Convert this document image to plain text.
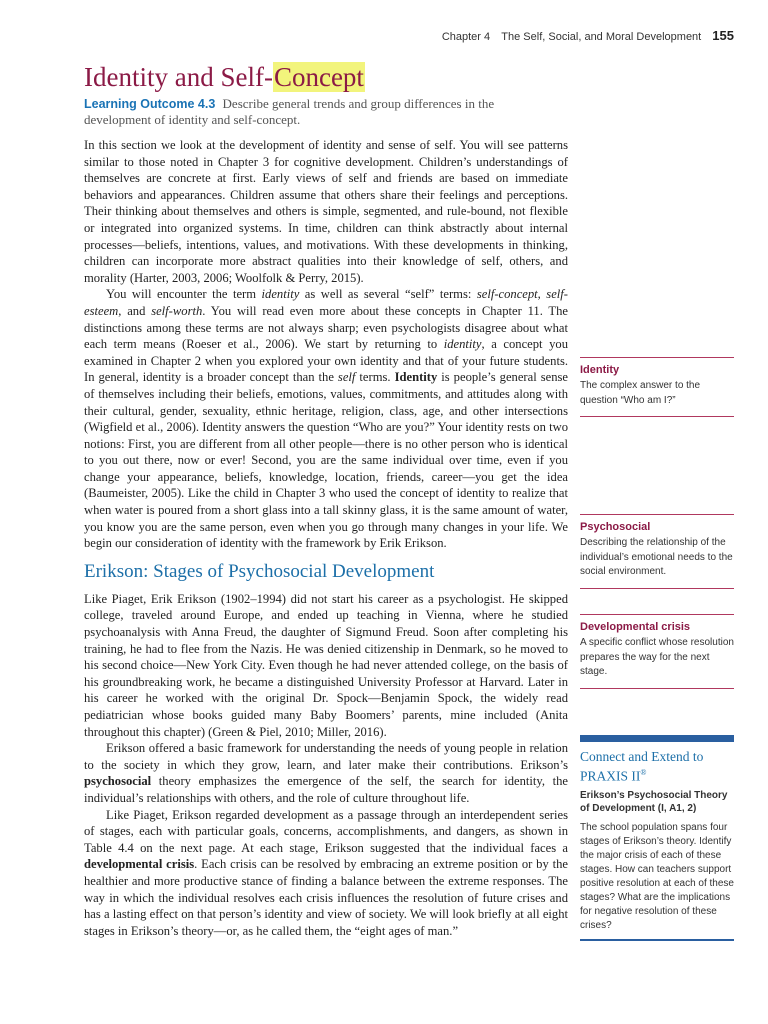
Chapter 4 The Self, Social, and Moral Development 155
Identity and Self-Concept
Learning Outcome 4.3 Describe general trends and group differences in the development of identity and self-concept.

In this section we look at the development of identity and sense of self. You will see patterns similar to those noted in Chapter 3 for cognitive development. Children’s understandings of themselves are concrete at first. Early views of self and friends are based on immediate behaviors and appearances. Children assume that others share their feelings and perceptions. Their thinking about themselves and others is simple, segmented, and rule-bound, not flexible or integrated into organized systems. In time, children can think abstractly about internal processes—beliefs, intentions, values, and motivations. With these developments in thinking, children can incorporate more abstract qualities into their knowledge of self, others, and morality (Harter, 2003, 2006; Woolfolk & Perry, 2015).

You will encounter the term identity as well as several “self” terms: self-concept, self-esteem, and self-worth. You will read even more about these concepts in Chapter 11. The distinctions among these terms are not always sharp; even psychologists disagree about what each term means (Roeser et al., 2006). We start by returning to identity, a concept you examined in Chapter 2 when you explored your own identity and that of your future students. In general, identity is a broader concept than the self terms. Identity is people’s general sense of themselves including their beliefs, emotions, values, commitments, and attitudes along with their cultural, gender, sexuality, ethnic heritage, religion, class, age, and other intersections (Wigfield et al., 2006). Identity answers the question “Who are you?” Your identity rests on two notions: First, you are different from all other people—there is no other person who is identical to you out there, now or ever! Second, you are the same individual over time, even if you change your appearance, beliefs, knowledge, location, friends, career—you get the idea (Baumeister, 2005). Like the child in Chapter 3 who used the concept of identity to realize that when water is poured from a short glass into a tall skinny glass, it is the same amount of water, you know you are the same person, even when you go through many changes in your life. We begin our consideration of identity with the framework by Erik Erikson.

Erikson: Stages of Psychosocial Development

Like Piaget, Erik Erikson (1902–1994) did not start his career as a psychologist. He skipped college, traveled around Europe, and ended up teaching in Vienna, where he studied psychoanalysis with Anna Freud, the daughter of Sigmund Freud. Soon after completing his training, he had to flee from the Nazis. He was denied citizenship in Denmark, so he moved to his second choice—New York City. Even though he had never attended college, on the basis of his groundbreaking work, he became a distinguished University Professor at Harvard. Later in his career he worked with the original Dr. Spock—Benjamin Spock, the widely read pediatrician whose books guided many Baby Boomers’ parents, mine included (Anita throughout this chapter) (Green & Piel, 2010; Miller, 2016).

Erikson offered a basic framework for understanding the needs of young people in relation to the society in which they grow, learn, and later make their contributions. Erikson’s psychosocial theory emphasizes the emergence of the self, the search for identity, the individual’s relationships with others, and the role of culture throughout life.

Like Piaget, Erikson regarded development as a passage through an interdependent series of stages, each with particular goals, concerns, accomplishments, and dangers, as shown in Table 4.4 on the next page. At each stage, Erikson suggested that the individual faces a developmental crisis. Each crisis can be resolved by embracing an extreme position or by the healthier and more productive stance of finding a balance between the extreme responses. The way in which the individual resolves each crisis influences the resolution of future crises and has a lasting effect on that person’s identity and view of society. We will look briefly at all eight stages in Erikson’s theory—or, as he called them, the “eight ages of man.”

Identity
The complex answer to the question “Who am I?”
Psychosocial
Describing the relationship of the individual’s emotional needs to the social environment.
Developmental crisis
A specific conflict whose resolution prepares the way for the next stage.
Connect and Extend to PRAXIS II®
Erikson’s Psychosocial Theory of Development (I, A1, 2)
The school population spans four stages of Erikson’s theory. Identify the major crisis of each of these stages. How can teachers support positive resolution at each of these stages? What are the implications for negative resolution of these crises?
